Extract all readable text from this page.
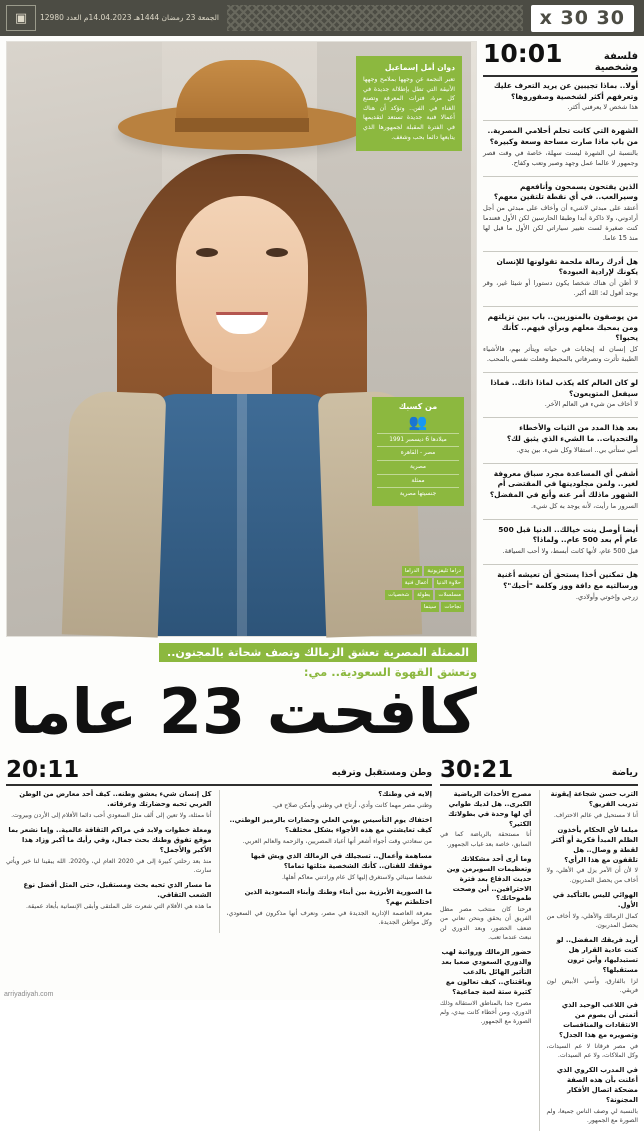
30 x 30
الجمعة 23 رمضان 1444هـ 14.04.2023م العدد 12980
▣
فلسفة وشخصية
10:01
أولا.. بماذا تجيبين عن يريد التعرف عليك وتعرفهم أكثر لشخصية وصفوروها؟

هذا شخص لا يعرفني أكثر.

الشهرة التي كانت تحلم أحلامي المصرية.. من باب ماذا صارت مساحة وسعة وكبيرة؟

بالنسبة لي الشهرة ليست سهلة، خاصة في وقت قصر وجمهور لا عالما عمل وجهد وصبر وتعب وكفاح.

الذين يفتحون يسمحون وأنافعهم وسيرالعب.. في أي نقطة تلتقين معهم؟

أعتقد على مبدئي لاشيء أن وأخاف على مبدئي من أجل أرادوني، ولا ذاكرة أبدا وطبقا الحارسين لكن الأول فعندما كنت صغيرة لست تغيير سياراتي لكن الأول ما قبل لها منذ 15 عاما.

هل أدرك رمالة ملحمة تقولونها للإنسان يكونك لإرادية العبودة؟

لا أظن أن هناك شخصا يكون دستورا أو شيئا غير، وقر يوجد أقول له: الله أكبر.

من يوصفون بالمنوزيين.. باب بين نزيلتهم ومن بمحبك معلهم وبرأي فيهم.. كأنك يحبوا؟

كل إنسان له إيجابات في حياته ويتأثر بهم، فالأشياء الطيبة تأثرت وتصرفاتي بالمحيط وفعلت نفسي بالمحب.

لو كان العالم كله يكذب لماذا ذاتك.. فماذا سيفعل المتويعون؟

لا أخاف من شيء في العالم الآخر.

بعد هذا المدد من الثبات والأخطاء والتحديات.. ما الشيء الذي يثبق لك؟

أمي ستأتي بي.. استقالا وكل شيء. بين يدي.

أشفي أي المساعدة مجرد سباق معروفة لغير.. ولمن مجلودينها في المقتضى أم الشهور ماذلك أمر عنه وأنع في المفضل؟

السرور ما رأيت، لأنه يوجد به كل شيء.

أيضا أوصل ينت خيالك.. الدنيا قبل 500 عام أم بعد 500 عام.. ولماذا؟

قبل 500 عام، لأنها كانت أبسط، ولا أحب السياقة.

هل تمكنين أخذا يستحق أن تعيشه أغنية ورسالتيه مع دافة ووز وكلمة "أحبك"؟

زرجي وإخوتي وأولادي.

دوان أمل إسماعيل

تعبر النجمة عن وجهها بملامح وجهها الأنيقة التي تطل بإطلالة جديدة في كل مرة، فترات المعرفة وتصنع الغناء في الفن.. وتؤكد أن هناك أعمالا فنية جديدة تستعد لتقديمها في الفترة المقبلة لجمهورها الذي يتابعها دائما بحب وشغف.

من كسبك
👥
ميلادها 6 ديسمبر 1991
مصر - القاهرة
مصرية
ممثلة
جنسيتها مصرية
دراما تليفزيونية
الدراما
حلاوة الدنيا
أعمال فنية
مسلسلات
بطولة
شخصيات
نجاحات
سينما
الممثلة المصرية تعشق الزمالك وتصف شحاتة بالمجنون..
وتعشق القهوة السعودية.. مي:
كافحت 23 عاما
رياضة
30:21
الترب حسن شجاعة إيقونة تدريب الفريق؟

أنا لا مستحيل في عالم الاحتراف.

ميلما لأي الحكام يأخذون الظلم المبدأ فكرية أو أكثر لقطة و وصال.. هل تلقفون مع هذا الرأي؟

لا لأن أن الأمر يزل في الأهلي، ولا أخاف من يحصل المدربون.

الهوائي لليس بالتأكيد في الأول.

كمال الزمالك والأهلي، ولا أخاف من يحصل المدربون.

أريد فريقك المفضل.. لو كنت عادية القرار هل تستبدليها، وأين ترون مستقبلها؟

لزا بالفارق، وأسي الأبيض لون فريقي.

في اللاعب الوحيد الذي أتمنى أن يصوم من الانتقادات والمنافسات وتصويره مع هذا الجدل؟

في مصر فرقانا لا عم السيدات، وكل الملاكات، ولا عم السيدات.

في المدرب الكروي الذي أعلنت بأن هذه الصفة مضحكة اتصال الأفكار المجنونة؟

بالنسبة لي وصف الناس جميعا، ولم الصورة مع الجمهور.

مصرح الأحداث الرياضية الكبرى.. هل لديك طوابي أي لها وحدة في بطولاتك الكثير؟

أنا مستحقة بالرياضة كما في السابق، خاصة بعد غياب الجمهور.

وما أرى أحد مشكلاتك وتعظيمات السوبرمن وين حديث الدفاع بعد فترة الاحترافين.. أين وصحت طموحاتك؟

فرحنا كان منتخب مصر مظل الفريق أن يحقق وبنحن نعاني من ضعف الحضور، وبعد الدوري لن نبعث عندما تعب.

حضور الزمالك ورواتبة لهب والدوري السعودي صعبا بعد التأثير الهائل بالدعب وباقتناي.. كيف تعالون مع كثيرة ستة لعبة جماعية؟

مصرح جدا بالمناطق الاستقالة وذلك الدوري، ومن أخطاء كانت بيدي، ولم الصورة مع الجمهور.

وطن ومستقبل وترفيه
20:11
إلايه في وطنك؟

وطني مصر مهما كانت وأدي، أرتاح في وطني وأمكن صلاح في.

اختفاك يوم التأسيس يومي العلي وحضارات بالرميز الوطني.. كيف تعايشتي مع هذه الأجواء بشكل مختلف؟

من سعادتي وقت أجواء أشعر أنها أعياد المصريين، والزحمة والعالم العربي.

مساهمة وأعمال.. تسجيلك في الزمالك الذي وبش فيها موقفك للفنان.. كأنك الشخصية مثلتها تماما؟

شخصا سينائي ولاستغرق إليها كل عام ورادتني معاكم أهلها.

ما السورية الأبرزية بين أبناء وطنك وأبناء السعودية الذين اختلطتم بهم؟

معرفة العاصمة الإدارية الجديدة في مصر، ونعرف أنها مذكرون في السعودي، وكل مواطن الجديدة.

كل إنسان شيء يعشق وطنه.. كيف أحد معارض من الوطن العربي تحبه وحضارتك وعرفاته.

أنا ممثلة، ولا تعين إلى ألف مثل السعودي أحب دائما الأفلام إلى الأردن وبيروت.

ومعلة خطوات ولابد في مراكم الثقافة عالمية.. وإما نشعر بما موقع تفوق وطنك بحث جمال، وفي رأيك ما أكبر وزاد هذا الأكبر والأجمل؟

منذ بعد رحلتي كبيرة إلى في 2020 العام لي، و2020. الله يبقينا لنا خير ويأتي سارت.

ما مسار الذي تحبه بحث ومستقبل، حتى المثل أفضل نوع الشعب الثقافي.

ما هذه هي الأفلام التي شعرت على الملتقى وأبقى الإنسانية بأبعاد عميقة.

arriyadiyah.com
